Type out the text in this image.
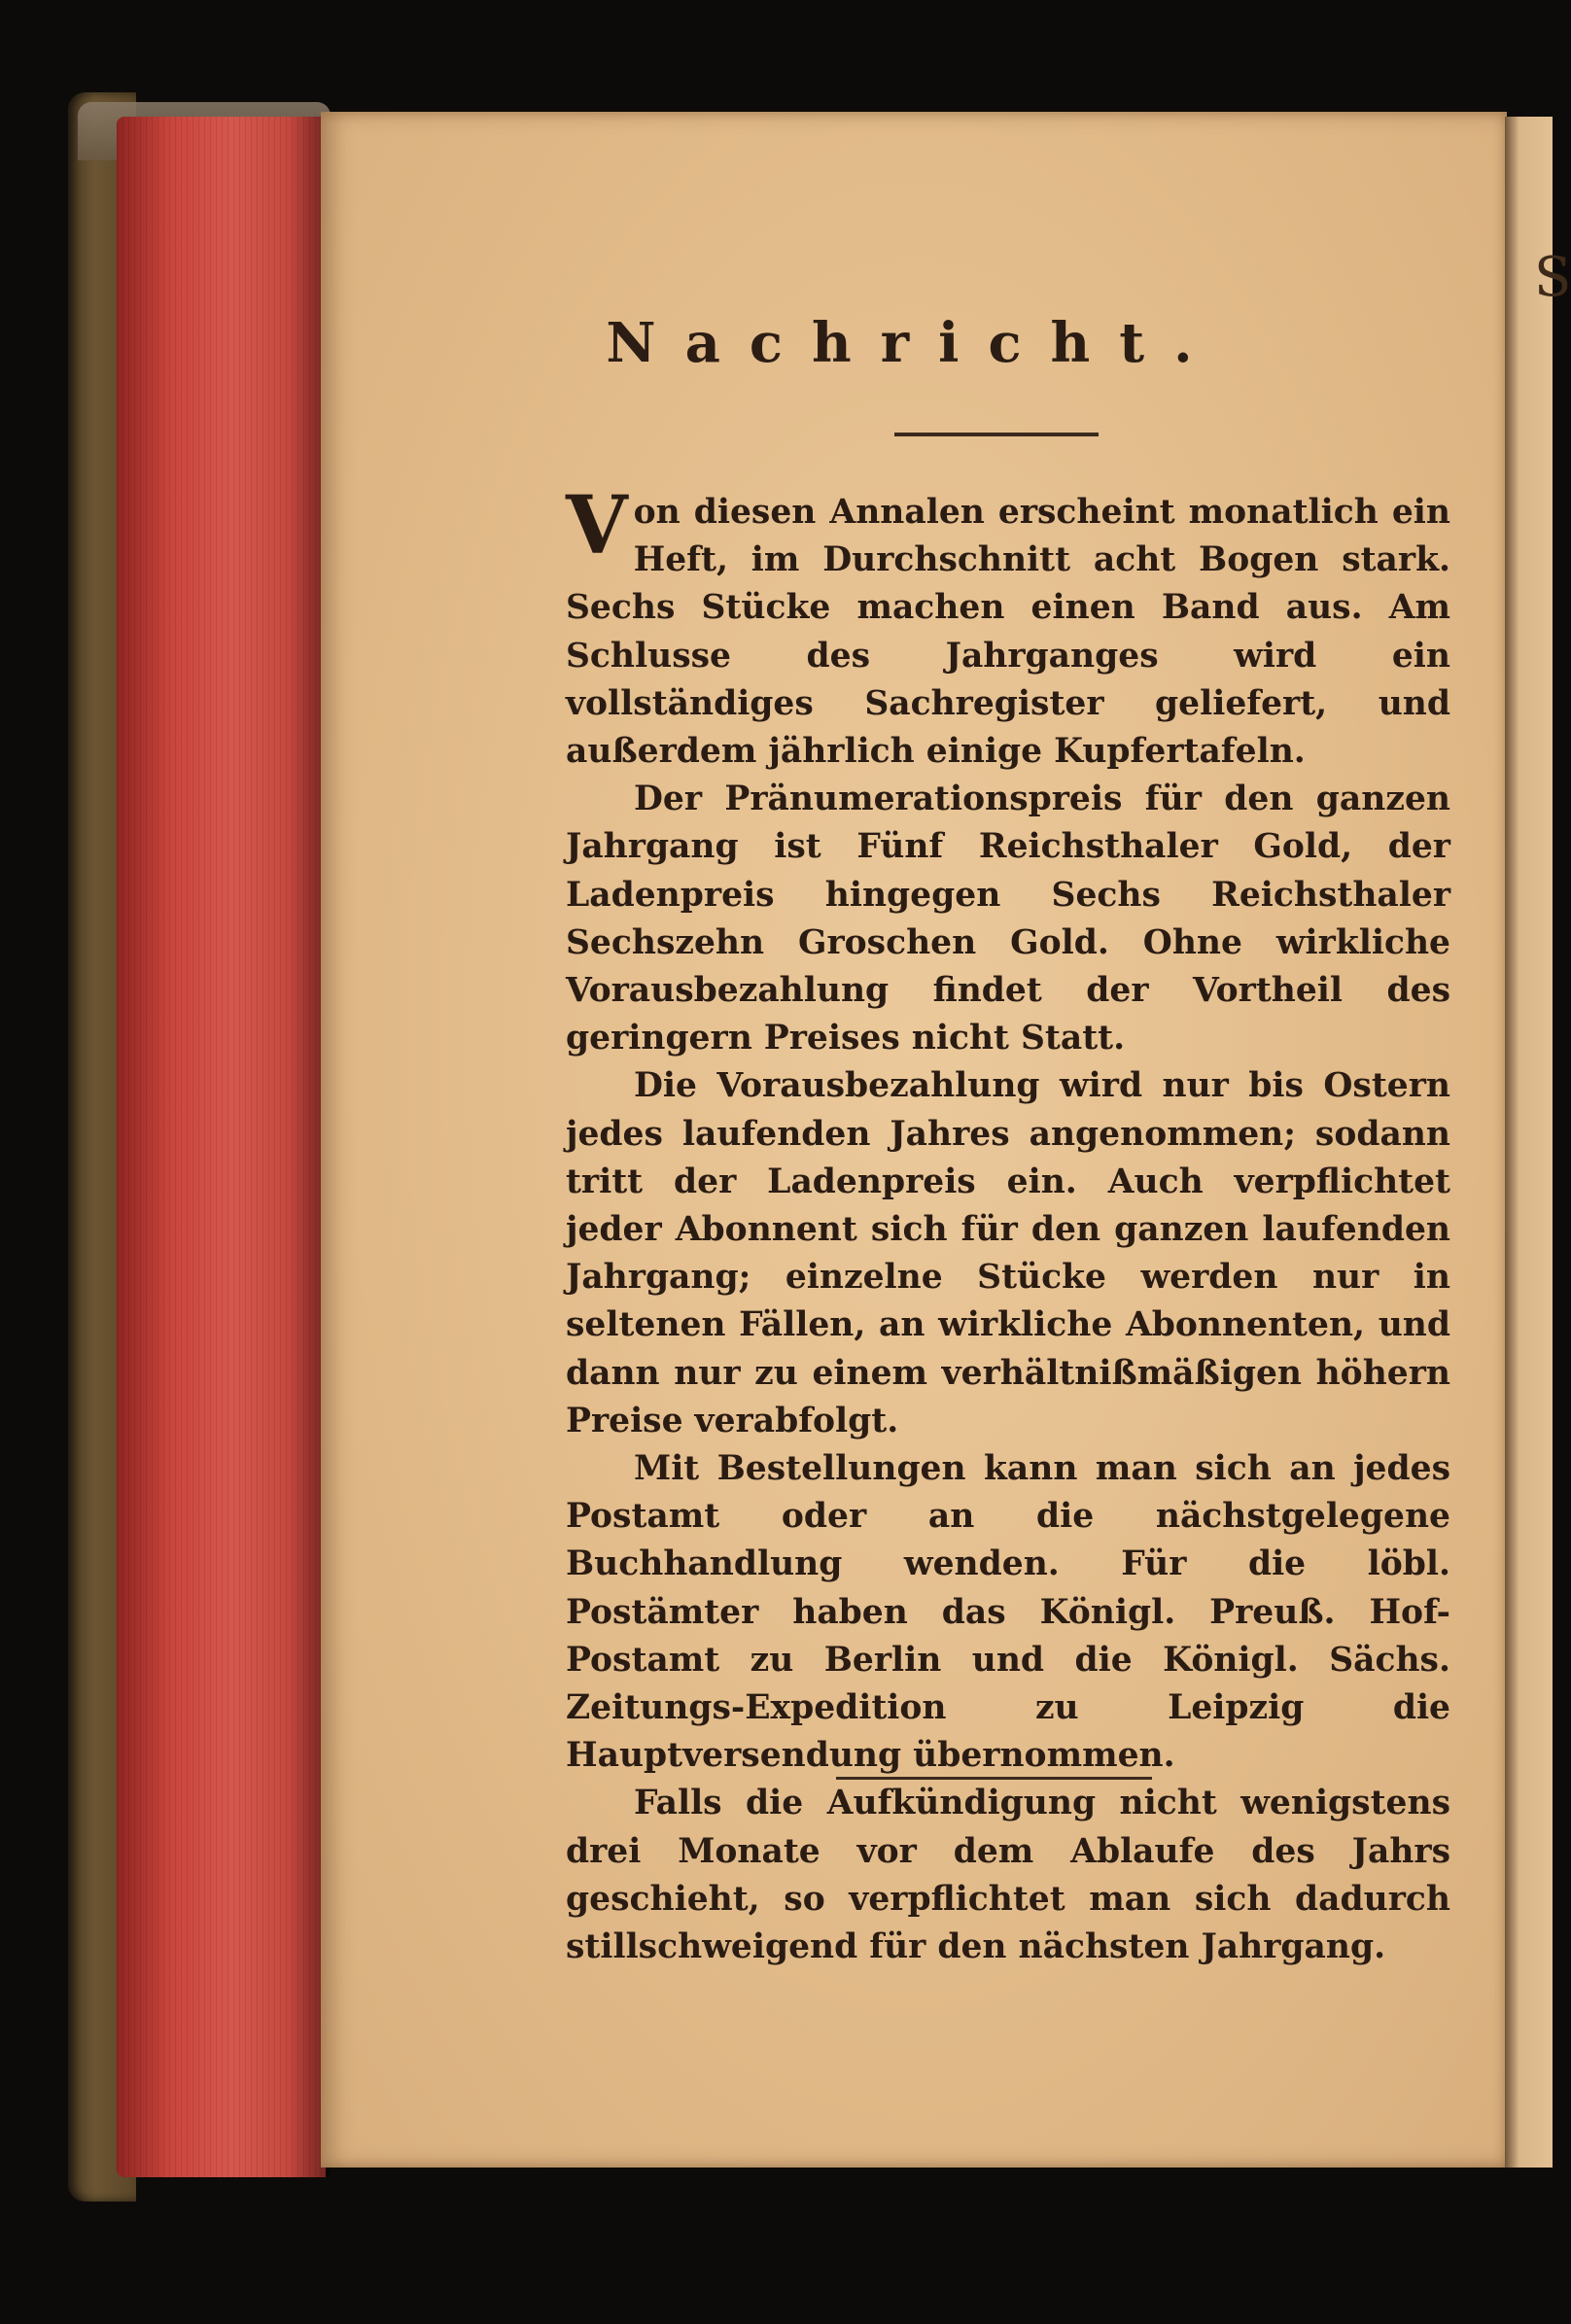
S
Nachricht.

Von diesen Annalen erscheint monatlich ein Heft, im Durchschnitt acht Bogen stark. Sechs Stücke machen einen Band aus. Am Schlusse des Jahrganges wird ein vollständiges Sachregister geliefert, und außerdem jährlich einige Kupfertafeln.

Der Pränumerationspreis für den ganzen Jahrgang ist Fünf Reichsthaler Gold, der Ladenpreis hingegen Sechs Reichsthaler Sechszehn Groschen Gold. Ohne wirkliche Vorausbezahlung findet der Vortheil des geringern Preises nicht Statt.

Die Vorausbezahlung wird nur bis Ostern jedes laufenden Jahres angenommen; sodann tritt der Ladenpreis ein. Auch verpflichtet jeder Abonnent sich für den ganzen laufenden Jahrgang; einzelne Stücke werden nur in seltenen Fällen, an wirkliche Abonnenten, und dann nur zu einem verhältnißmäßigen höhern Preise verabfolgt.

Mit Bestellungen kann man sich an jedes Postamt oder an die nächstgelegene Buchhandlung wenden. Für die löbl. Postämter haben das Königl. Preuß. Hof-Postamt zu Berlin und die Königl. Sächs. Zeitungs-Expedition zu Leipzig die Hauptversendung übernommen.

Falls die Aufkündigung nicht wenigstens drei Monate vor dem Ablaufe des Jahrs geschieht, so verpflichtet man sich dadurch stillschweigend für den nächsten Jahrgang.
